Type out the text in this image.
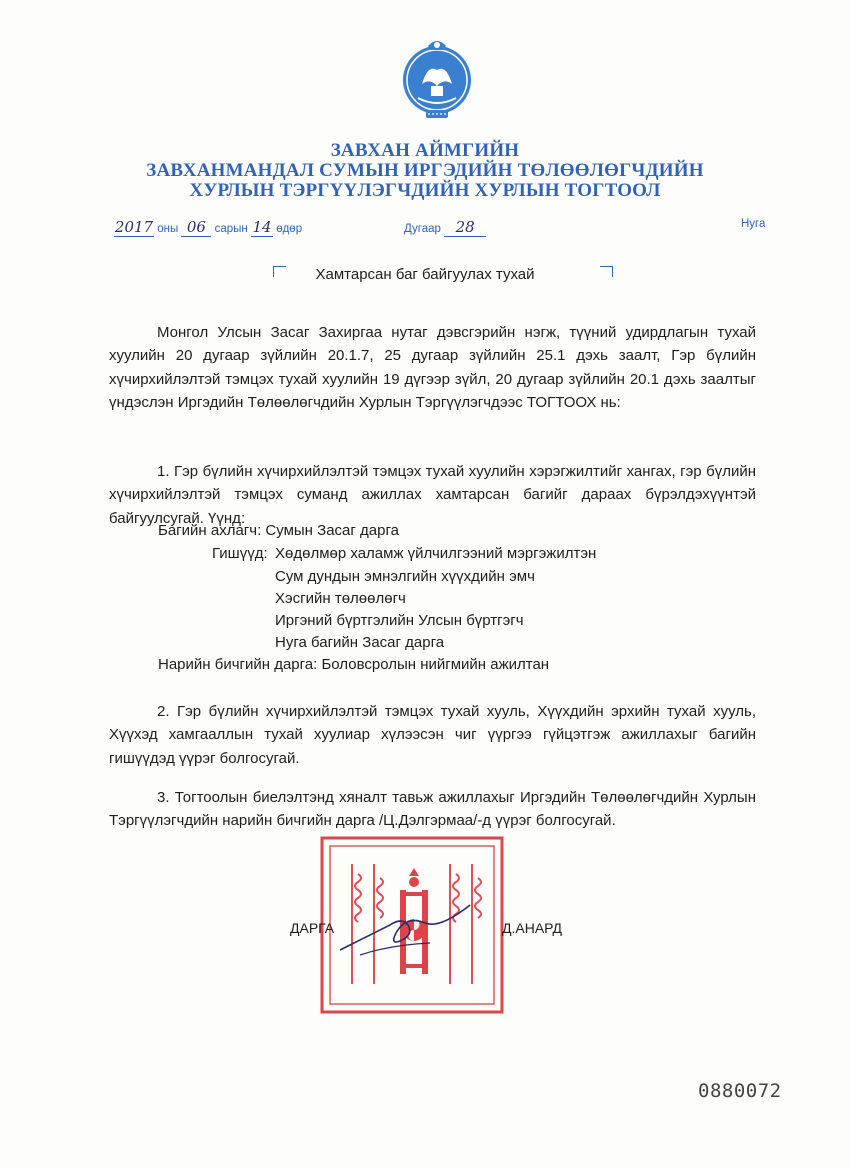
ЗАВХАН АЙМГИЙН
ЗАВХАНМАНДАЛ СУМЫН ИРГЭДИЙН ТӨЛӨӨЛӨГЧДИЙН
ХУРЛЫН ТЭРГҮҮЛЭГЧДИЙН ХУРЛЫН ТОГТООЛ
2017 оны 06 сарын 14 өдөр	Дугаар 28	Нуга
Хамтарсан баг байгуулах тухай

Монгол Улсын Засаг Захиргаа нутаг дэвсгэрийн нэгж, түүний удирдлагын тухай хуулийн 20 дугаар зүйлийн 20.1.7, 25 дугаар зүйлийн 25.1 дэхь заалт, Гэр бүлийн хүчирхийлэлтэй тэмцэх тухай хуулийн 19 дүгээр зүйл, 20 дугаар зүйлийн 20.1 дэхь заалтыг үндэслэн Иргэдийн Төлөөлөгчдийн Хурлын Тэргүүлэгчдээс ТОГТООХ нь:

1. Гэр бүлийн хүчирхийлэлтэй тэмцэх тухай хуулийн хэрэгжилтийг хангах, гэр бүлийн хүчирхийлэлтэй тэмцэх суманд ажиллах хамтарсан багийг дараах бүрэлдэхүүнтэй байгуулсугай. Үүнд:

Багийн ахлагч: Сумын Засаг дарга
Гишүүд: Хөдөлмөр халамж үйлчилгээний мэргэжилтэн
Сум дундын эмнэлгийн хүүхдийн эмч
Хэсгийн төлөөлөгч
Иргэний бүртгэлийн Улсын бүртгэгч
Нуга багийн Засаг дарга
Нарийн бичгийн дарга: Боловсролын нийгмийн ажилтан

2. Гэр бүлийн хүчирхийлэлтэй тэмцэх тухай хууль, Хүүхдийн эрхийн тухай хууль, Хүүхэд хамгааллын тухай хуулиар хүлээсэн чиг үүргээ гүйцэтгэж ажиллахыг багийн гишүүдэд үүрэг болгосугай.

3. Тогтоолын биелэлтэнд хяналт тавьж ажиллахыг Иргэдийн Төлөөлөгчдийн Хурлын Тэргүүлэгчдийн нарийн бичгийн дарга /Ц.Дэлгэрмаа/-д үүрэг болгосугай.

ДАРГА	Д.АНАРД
0880072
